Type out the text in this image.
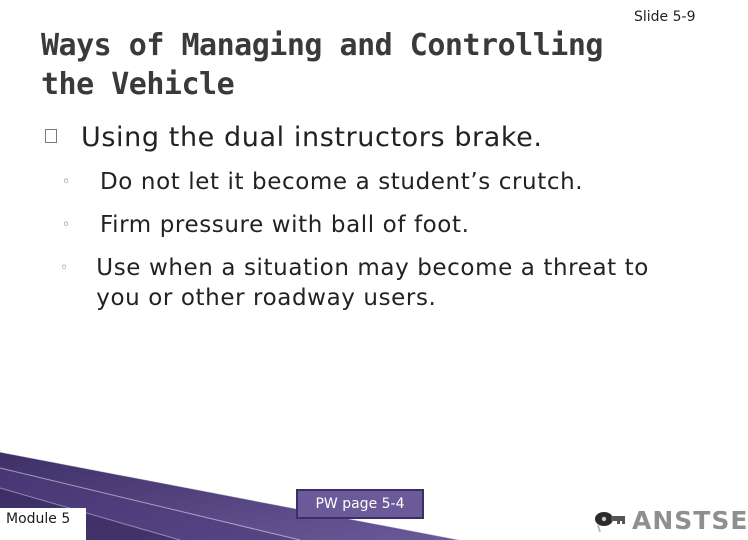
Slide 5-9
Ways of Managing and Controlling the Vehicle
Using the dual instructors brake.
◦ Do not let it become a student’s crutch.
◦ Firm pressure with ball of foot.
◦ Use when a situation may become a threat to you or other roadway users.
Module 5
PW page 5-4
ANSTSE
